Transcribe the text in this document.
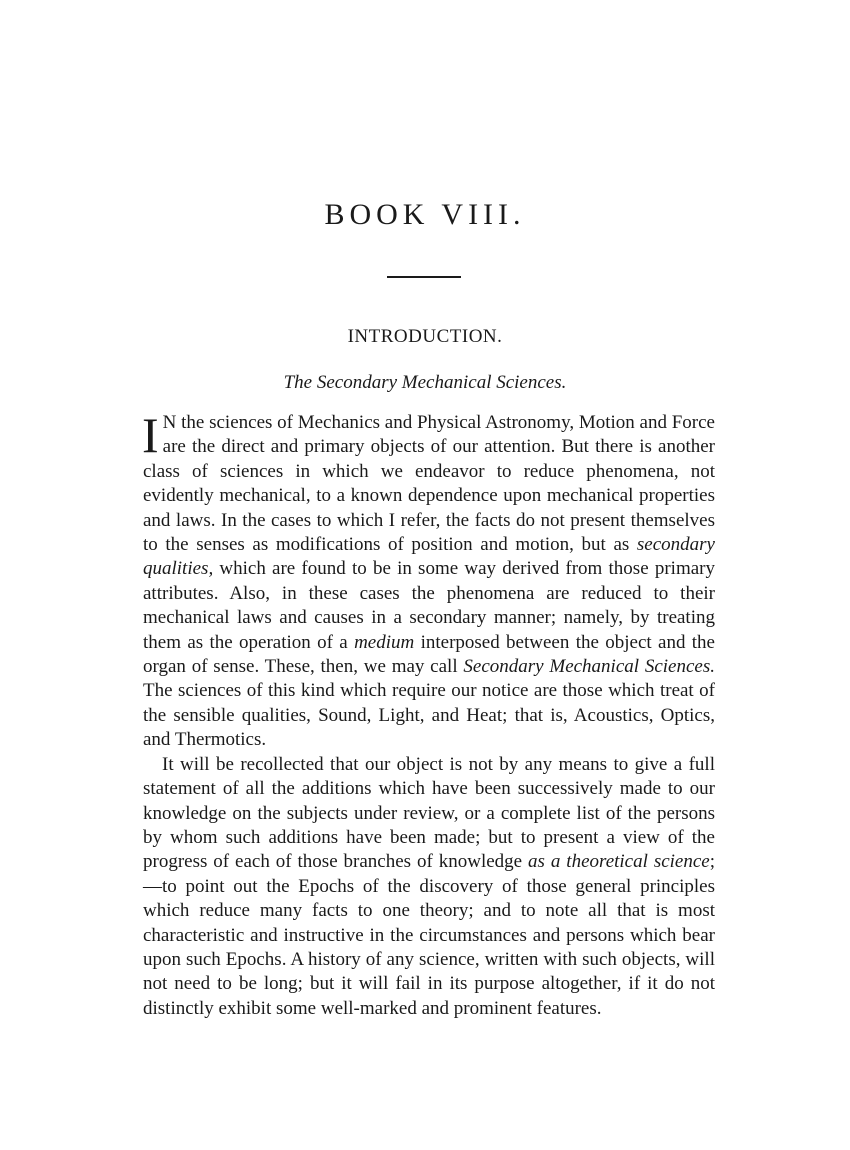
BOOK VIII.
INTRODUCTION.
The Secondary Mechanical Sciences.

I N the sciences of Mechanics and Physical Astronomy, Motion and Force are the direct and primary objects of our attention. But there is another class of sciences in which we endeavor to reduce phenomena, not evidently mechanical, to a known dependence upon mechanical properties and laws. In the cases to which I refer, the facts do not present themselves to the senses as modifications of position and motion, but as secondary qualities, which are found to be in some way derived from those primary attributes. Also, in these cases the phenomena are reduced to their mechanical laws and causes in a secondary manner; namely, by treating them as the operation of a medium interposed between the object and the organ of sense. These, then, we may call Secondary Mechanical Sciences. The sciences of this kind which require our notice are those which treat of the sensible qualities, Sound, Light, and Heat; that is, Acoustics, Optics, and Thermotics.

It will be recollected that our object is not by any means to give a full statement of all the additions which have been successively made to our knowledge on the subjects under review, or a complete list of the persons by whom such additions have been made; but to present a view of the progress of each of those branches of knowledge as a theoretical science;—to point out the Epochs of the discovery of those general principles which reduce many facts to one theory; and to note all that is most characteristic and instructive in the circumstances and persons which bear upon such Epochs. A history of any science, written with such objects, will not need to be long; but it will fail in its purpose altogether, if it do not distinctly exhibit some well-marked and prominent features.
